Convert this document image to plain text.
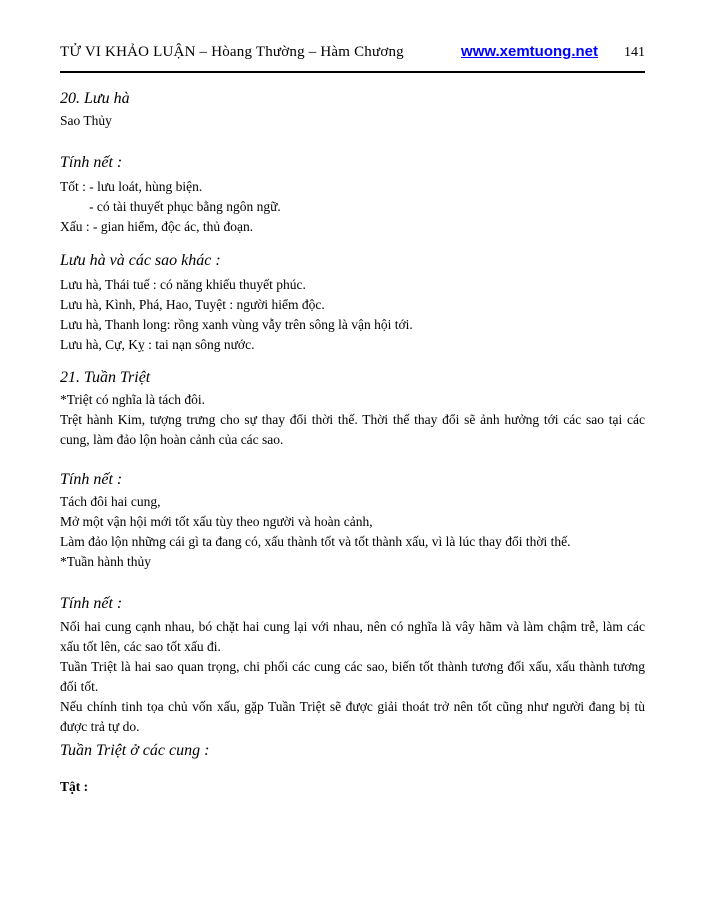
TỬ VI KHẢO LUẬN – Hòang Thường – Hàm Chương	www.xemtuong.net 141
20. Lưu hà

Sao Thủy

Tính nết :

Tốt : - lưu loát, hùng biện.

- có tài thuyết phục bằng ngôn ngữ.

Xấu : - gian hiểm, độc ác, thủ đoạn.

Lưu hà và các sao khác :

Lưu hà, Thái tuế : có năng khiếu thuyết phúc.

Lưu hà, Kình, Phá, Hao, Tuyệt : người hiểm độc.

Lưu hà, Thanh long: rồng xanh vùng vẫy trên sông là vận hội tới.

Lưu hà, Cự, Kỵ : tai nạn sông nước.

21. Tuần Triệt

*Triệt có nghĩa là tách đôi.

Trệt hành Kim, tượng trưng cho sự thay đổi thời thế. Thời thế thay đổi sẽ ảnh hưởng tới các sao tại các cung, làm đảo lộn hoàn cảnh của các sao.

Tính nết :

Tách đôi hai cung,

Mở một vận hội mới tốt xấu tùy theo người và hoàn cảnh,

Làm đảo lộn những cái gì ta đang có, xấu thành tốt và tốt thành xấu, vì là lúc thay đổi thời thế.

*Tuần hành thủy

Tính nết :

Nối hai cung cạnh nhau, bó chặt hai cung lại với nhau, nên có nghĩa là vây hãm và làm chậm trễ, làm các xấu tốt lên, các sao tốt xấu đi.

Tuần Triệt là hai sao quan trọng, chi phối các cung các sao, biến tốt thành tương đối xấu, xấu thành tương đối tốt.

Nếu chính tinh tọa chủ vốn xấu, gặp Tuần Triệt sẽ được giải thoát trở nên tốt cũng như người đang bị tù được trả tự do.

Tuần Triệt ở các cung :

Tật :
